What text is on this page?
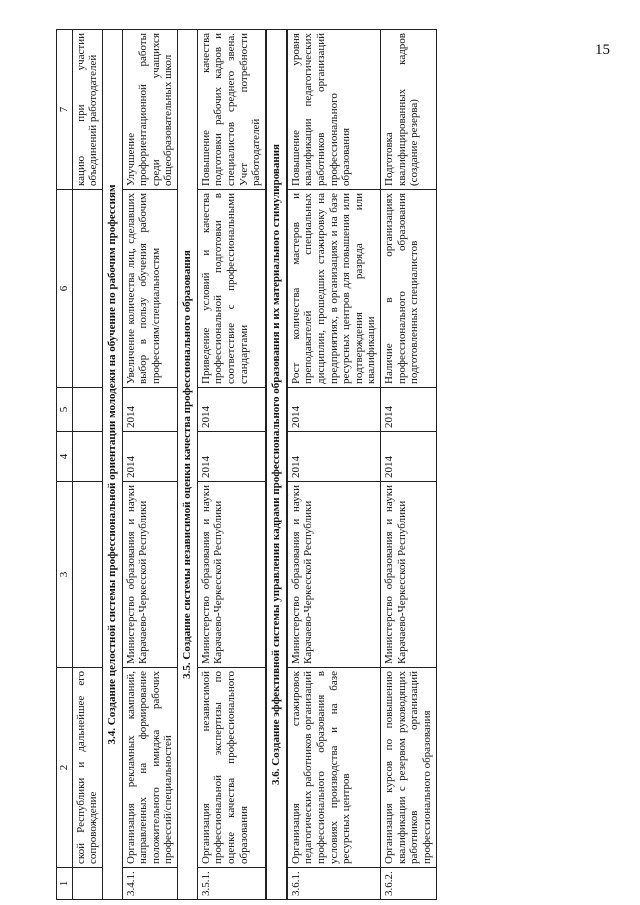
15
1	2	3	4	5	6	7
	ской Республики и дальнейшее его сопровождение					кацию при участии объединений работодателей
3.4. Создание целостной системы профессиональной ориентации молодежи на обучение по рабочим профессиям						
3.4.1.	Организация рекламных кампаний, направленных на формирование положительного имиджа рабочих профессий/специальностей	Министерство образования и науки Карачаево-Черкесской Республики	2014	2014	Увеличение количества лиц, сделавших выбор в пользу обучения рабочим профессиям/специальностям	Улучшение профориентационной работы среди учащихся общеобразовательных школ
3.5. Создание системы независимой оценки качества профессионального образования						
3.5.1.	Организация независимой профессиональной экспертизы по оценке качества профессионального образования	Министерство образования и науки Карачаево-Черкесской Республики	2014	2014	Приведение условий и качества профессиональной подготовки в соответствие с профессиональными стандартами	Повышение качества подготовки рабочих кадров и специалистов среднего звена. Учет потребности работодателей
3.6. Создание эффективной системы управления кадрами профессионального образования и их материального стимулирования						
3.6.1.	Организация стажировок педагогических работников организаций профессионального образования в условиях производства и на базе ресурсных центров	Министерство образования и науки Карачаево-Черкесской Республики	2014	2014	Рост количества мастеров и преподавателей специальных дисциплин, прошедших стажировку на предприятиях, в организациях и на базе ресурсных центров для повышения или подтверждения разряда или квалификации	Повышение уровня квалификации педагогических работников организаций профессионального образования
3.6.2.	Организация курсов по повышению квалификации с резервом руководящих работников организаций профессионального образования	Министерство образования и науки Карачаево-Черкесской Республики	2014	2014	Наличие в организациях профессионального образования подготовленных специалистов	Подготовка квалифицированных кадров (создание резерва)
